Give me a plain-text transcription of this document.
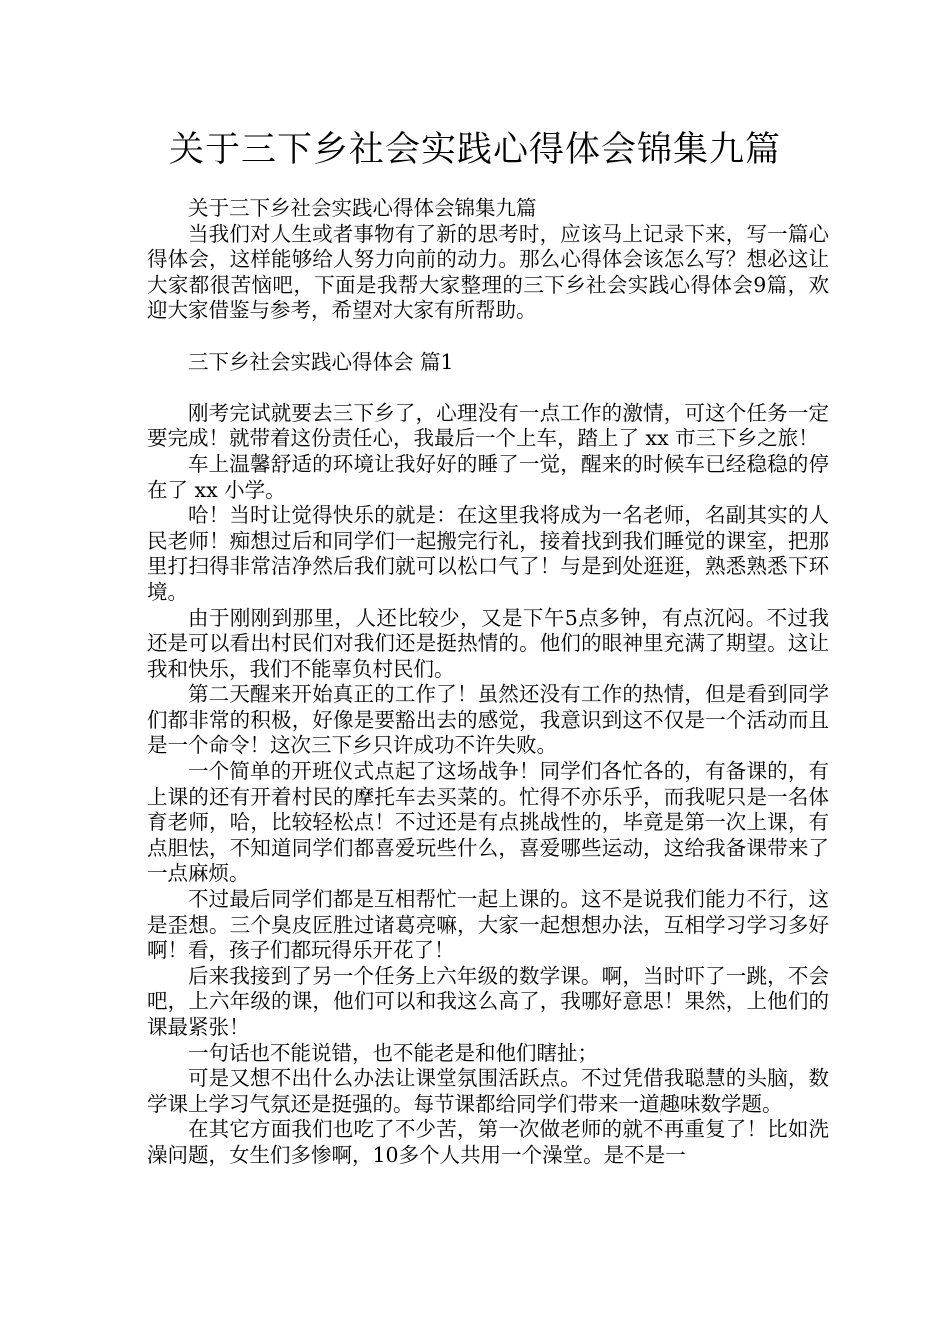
关于三下乡社会实践心得体会锦集九篇

关于三下乡社会实践心得体会锦集九篇

当我们对人生或者事物有了新的思考时，应该马上记录下来，写一篇心得体会，这样能够给人努力向前的动力。那么心得体会该怎么写？想必这让大家都很苦恼吧，下面是我帮大家整理的三下乡社会实践心得体会9篇，欢迎大家借鉴与参考，希望对大家有所帮助。

三下乡社会实践心得体会 篇1

刚考完试就要去三下乡了，心理没有一点工作的激情，可这个任务一定要完成！就带着这份责任心，我最后一个上车，踏上了 xx 市三下乡之旅！

车上温馨舒适的环境让我好好的睡了一觉，醒来的时候车已经稳稳的停在了 xx 小学。

哈！当时让觉得快乐的就是：在这里我将成为一名老师，名副其实的人民老师！痴想过后和同学们一起搬完行礼，接着找到我们睡觉的课室，把那里打扫得非常洁净然后我们就可以松口气了！与是到处逛逛，熟悉熟悉下环境。

由于刚刚到那里，人还比较少，又是下午5点多钟，有点沉闷。不过我还是可以看出村民们对我们还是挺热情的。他们的眼神里充满了期望。这让我和快乐，我们不能辜负村民们。

第二天醒来开始真正的工作了！虽然还没有工作的热情，但是看到同学们都非常的积极，好像是要豁出去的感觉，我意识到这不仅是一个活动而且是一个命令！这次三下乡只许成功不许失败。

一个简单的开班仪式点起了这场战争！同学们各忙各的，有备课的，有上课的还有开着村民的摩托车去买菜的。忙得不亦乐乎，而我呢只是一名体育老师，哈，比较轻松点！不过还是有点挑战性的，毕竟是第一次上课，有点胆怯，不知道同学们都喜爱玩些什么，喜爱哪些运动，这给我备课带来了一点麻烦。

不过最后同学们都是互相帮忙一起上课的。这不是说我们能力不行，这是歪想。三个臭皮匠胜过诸葛亮嘛，大家一起想想办法，互相学习学习多好啊！看，孩子们都玩得乐开花了！

后来我接到了另一个任务上六年级的数学课。啊，当时吓了一跳，不会吧，上六年级的课，他们可以和我这么高了，我哪好意思！果然，上他们的课最紧张！

一句话也不能说错，也不能老是和他们瞎扯；

可是又想不出什么办法让课堂氛围活跃点。不过凭借我聪慧的头脑，数学课上学习气氛还是挺强的。每节课都给同学们带来一道趣味数学题。

在其它方面我们也吃了不少苦，第一次做老师的就不再重复了！比如洗澡问题，女生们多惨啊，10多个人共用一个澡堂。是不是一
